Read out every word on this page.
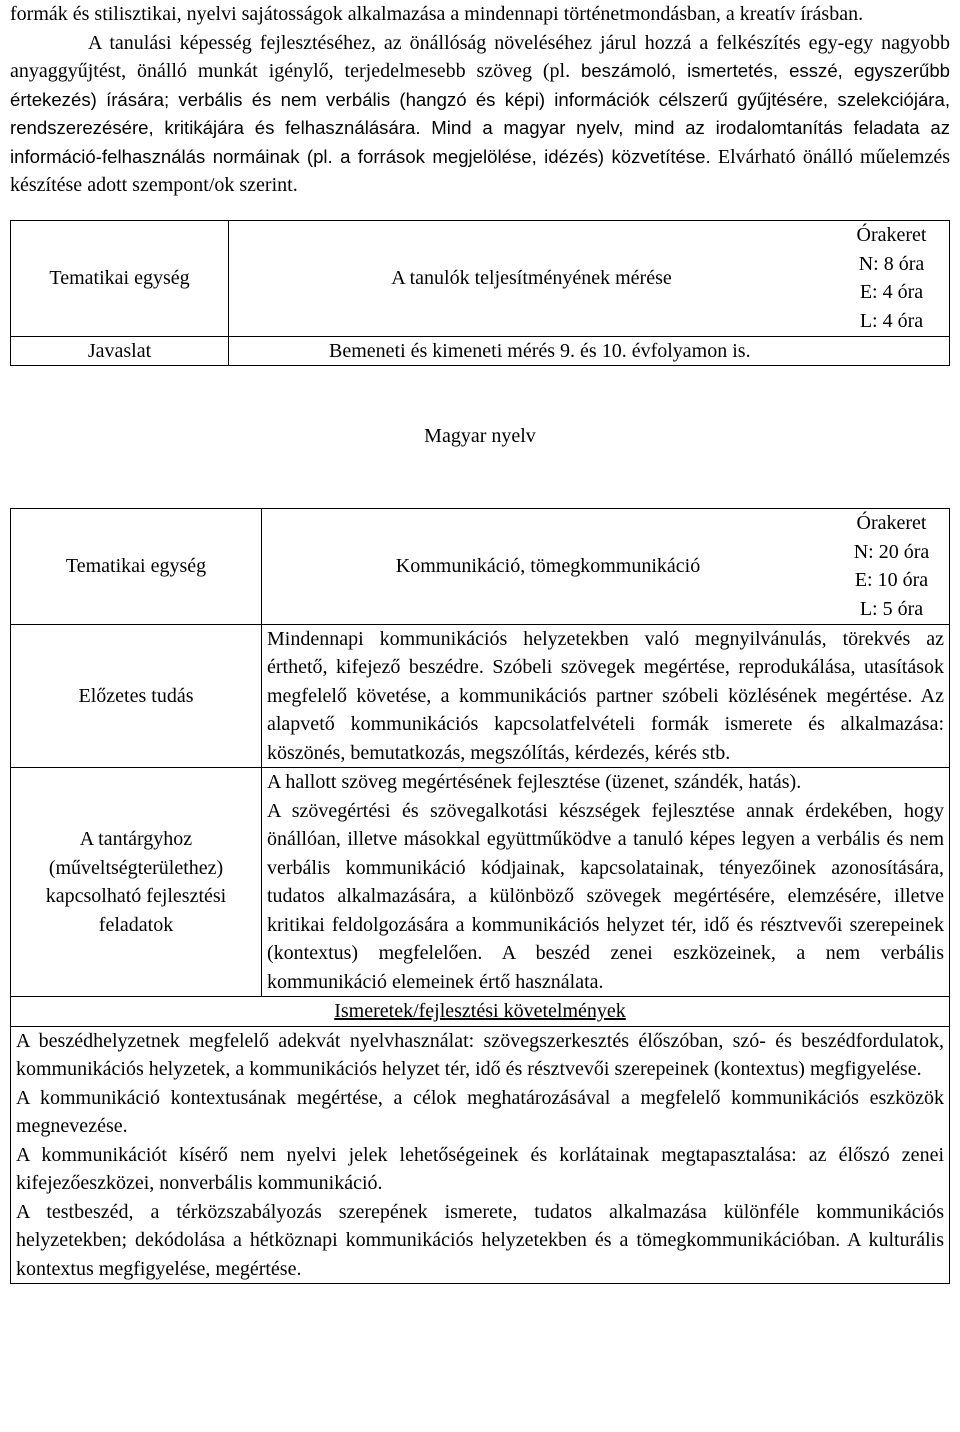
formák és stilisztikai, nyelvi sajátosságok alkalmazása a mindennapi történetmondásban, a kreatív írásban.

A tanulási képesség fejlesztéséhez, az önállóság növeléséhez járul hozzá a felkészítés egy-egy nagyobb anyaggyűjtést, önálló munkát igénylő, terjedelmesebb szöveg (pl. beszámoló, ismertetés, esszé, egyszerűbb értekezés) írására; verbális és nem verbális (hangzó és képi) információk célszerű gyűjtésére, szelekciójára, rendszerezésére, kritikájára és felhasználására. Mind a magyar nyelv, mind az irodalomtanítás feladata az információ-felhasználás normáinak (pl. a források megjelölése, idézés) közvetítése. Elvárható önálló műelemzés készítése adott szempont/ok szerint.

Tematikai egység	A tanulók teljesítményének mérése	Órakeret
N: 8 óra
E: 4 óra
L: 4 óra

Javaslat	Bemeneti és kimeneti mérés 9. és 10. évfolyamon is.	
Magyar nyelv
Tematikai egység	Kommunikáció, tömegkommunikáció	Órakeret
N: 20 óra
E: 10 óra
L: 5 óra

Előzetes tudás	Mindennapi kommunikációs helyzetekben való megnyilvánulás, törekvés az érthető, kifejező beszédre. Szóbeli szövegek megértése, reprodukálása, utasítások megfelelő követése, a kommunikációs partner szóbeli közlésének megértése. Az alapvető kommunikációs kapcsolatfelvételi formák ismerete és alkalmazása: köszönés, bemutatkozás, megszólítás, kérdezés, kérés stb.	
A tantárgyhoz (műveltségterülethez) kapcsolható fejlesztési feladatok	A hallott szöveg megértésének fejlesztése (üzenet, szándék, hatás).
A szövegértési és szövegalkotási készségek fejlesztése annak érdekében, hogy önállóan, illetve másokkal együttműködve a tanuló képes legyen a verbális és nem verbális kommunikáció kódjainak, kapcsolatainak, tényezőinek azonosítására, tudatos alkalmazására, a különböző szövegek megértésére, elemzésére, illetve kritikai feldolgozására a kommunikációs helyzet tér, idő és résztvevői szerepeinek (kontextus) megfelelően. A beszéd zenei eszközeinek, a nem verbális kommunikáció elemeinek értő használata.	

Ismeretek/fejlesztési követelmények		

A beszédhelyzetnek megfelelő adekvát nyelvhasználat: szövegszerkesztés élőszóban, szó- és beszédfordulatok, kommunikációs helyzetek, a kommunikációs helyzet tér, idő és résztvevői szerepeinek (kontextus) megfigyelése.

A kommunikáció kontextusának megértése, a célok meghatározásával a megfelelő kommunikációs eszközök megnevezése.

A kommunikációt kísérő nem nyelvi jelek lehetőségeinek és korlátainak megtapasztalása: az élőszó zenei kifejezőeszközei, nonverbális kommunikáció.

A testbeszéd, a térközszabályozás szerepének ismerete, tudatos alkalmazása különféle kommunikációs helyzetekben; dekódolása a hétköznapi kommunikációs helyzetekben és a tömegkommunikációban. A kulturális kontextus megfigyelése, megértése.		
